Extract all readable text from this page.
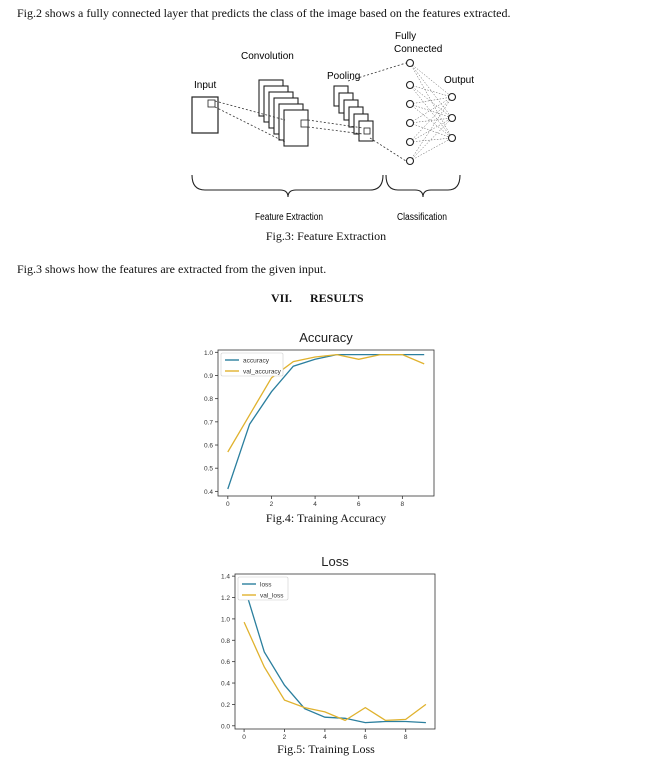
Fig.2 shows a fully connected layer that predicts the class of the image based on the features extracted.
Input
Convolution
Pooling
Fully
Connected
Output
Feature Extraction	Classification
Fig.3: Feature Extraction
Fig.3 shows how the features are extracted from the given input.
VII. RESULTS
Accuracy
0.4
0.5
0.6
0.7
0.8
0.9
1.0
0	2	4	6	8
accuracy
val_accuracy
Fig.4: Training Accuracy
Loss
0.0
0.2
0.4
0.6
0.8
1.0
1.2
1.4
0	2	4	6	8
loss
val_loss
Fig.5: Training Loss
